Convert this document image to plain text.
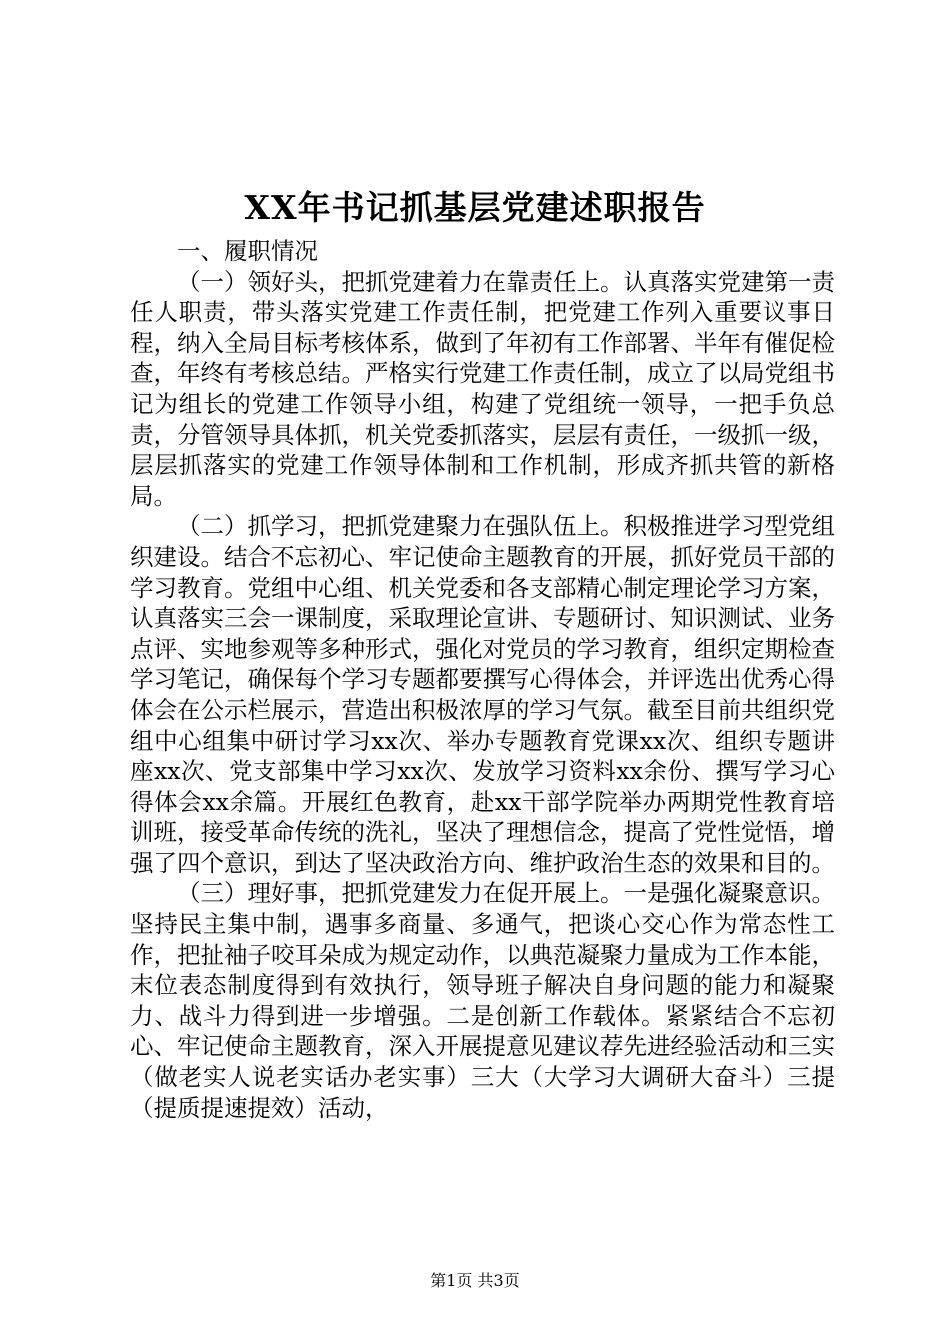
XX年书记抓基层党建述职报告

一、履职情况

（一）领好头，把抓党建着力在靠责任上。认真落实党建第一责任人职责，带头落实党建工作责任制，把党建工作列入重要议事日程，纳入全局目标考核体系，做到了年初有工作部署、半年有催促检查，年终有考核总结。严格实行党建工作责任制，成立了以局党组书记为组长的党建工作领导小组，构建了党组统一领导，一把手负总责，分管领导具体抓，机关党委抓落实，层层有责任，一级抓一级，层层抓落实的党建工作领导体制和工作机制，形成齐抓共管的新格局。

（二）抓学习，把抓党建聚力在强队伍上。积极推进学习型党组织建设。结合不忘初心、牢记使命主题教育的开展，抓好党员干部的学习教育。党组中心组、机关党委和各支部精心制定理论学习方案，认真落实三会一课制度，采取理论宣讲、专题研讨、知识测试、业务点评、实地参观等多种形式，强化对党员的学习教育，组织定期检查学习笔记，确保每个学习专题都要撰写心得体会，并评选出优秀心得体会在公示栏展示，营造出积极浓厚的学习气氛。截至目前共组织党组中心组集中研讨学习xx次、举办专题教育党课xx次、组织专题讲座xx次、党支部集中学习xx次、发放学习资料xx余份、撰写学习心得体会xx余篇。开展红色教育，赴xx干部学院举办两期党性教育培训班，接受革命传统的洗礼，坚决了理想信念，提高了党性觉悟，增强了四个意识，到达了坚决政治方向、维护政治生态的效果和目的。

（三）理好事，把抓党建发力在促开展上。一是强化凝聚意识。坚持民主集中制，遇事多商量、多通气，把谈心交心作为常态性工作，把扯袖子咬耳朵成为规定动作，以典范凝聚力量成为工作本能，末位表态制度得到有效执行，领导班子解决自身问题的能力和凝聚力、战斗力得到进一步增强。二是创新工作载体。紧紧结合不忘初心、牢记使命主题教育，深入开展提意见建议荐先进经验活动和三实（做老实人说老实话办老实事）三大（大学习大调研大奋斗）三提（提质提速提效）活动，

第1页 共3页
